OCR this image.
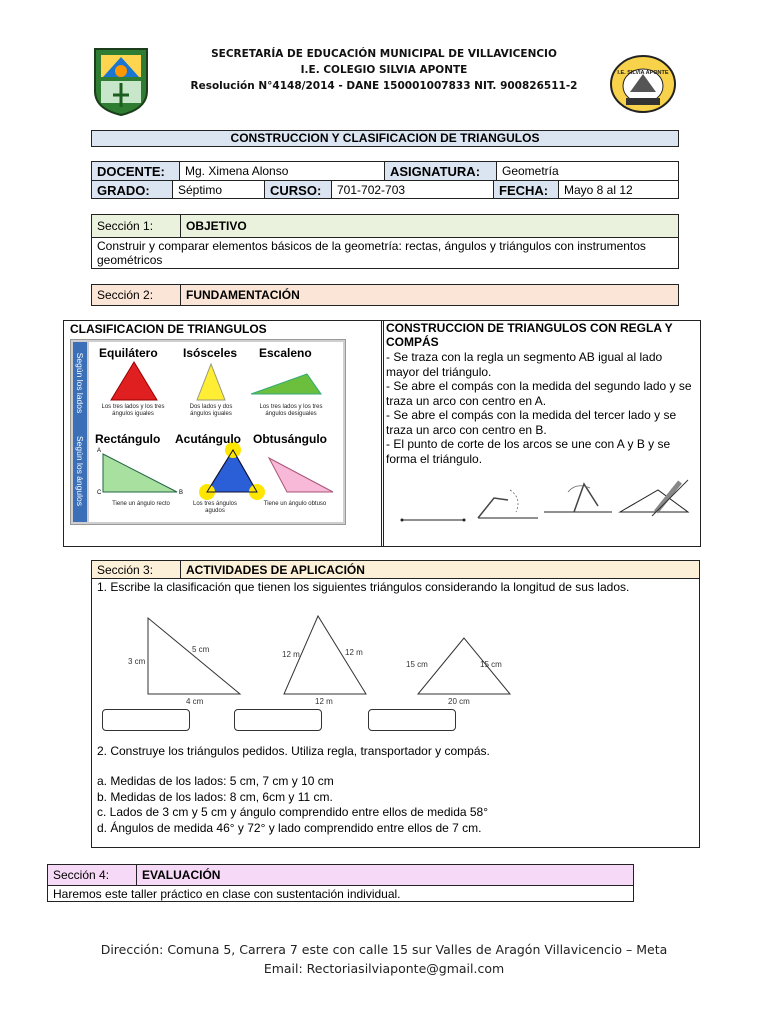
SECRETARÍA DE EDUCACIÓN MUNICIPAL DE VILLAVICENCIO
I.E. COLEGIO SILVIA APONTE
Resolución N°4148/2014 - DANE 150001007833 NIT. 900826511-2
I.E. SILVIA APONTE
CONSTRUCCION Y CLASIFICACION DE TRIANGULOS
DOCENTE:	Mg. Ximena Alonso	ASIGNATURA:	Geometría
GRADO:	Séptimo	CURSO:	701-702-703	FECHA:	Mayo 8 al 12
Sección 1:	OBJETIVO
Construir y comparar elementos básicos de la geometría: rectas, ángulos y triángulos con instrumentos geométricos
Sección 2:	FUNDAMENTACIÓN
CLASIFICACION DE TRIANGULOS
Según los lados
Según los ángulos
Equilátero Isósceles Escaleno
Los tres lados y los tres ángulos iguales
Dos lados y dos ángulos iguales
Los tres lados y los tres ángulos desiguales
Rectángulo Acutángulo Obtusángulo
A
C	B
Tiene un ángulo recto	Los tres ángulos agudos
Tiene un ángulo obtuso
CONSTRUCCION DE TRIANGULOS CON REGLA Y COMPÁS
- Se traza con la regla un segmento AB igual al lado mayor del triángulo.
- Se abre el compás con la medida del segundo lado y se traza un arco con centro en A.
- Se abre el compás con la medida del tercer lado y se traza un arco con centro en B.
- El punto de corte de los arcos se une con A y B y se forma el triángulo.
Sección 3:	ACTIVIDADES DE APLICACIÓN
1. Escribe la clasificación que tienen los siguientes triángulos considerando la longitud de sus lados.
3 cm
5 cm
4 cm
12 m	12 m
12 m
15 cm	15 cm
20 cm
2. Construye los triángulos pedidos. Utiliza regla, transportador y compás.
a. Medidas de los lados: 5 cm, 7 cm y 10 cm
b. Medidas de los lados: 8 cm, 6cm y 11 cm.
c. Lados de 3 cm y 5 cm y ángulo comprendido entre ellos de medida 58°
d. Ángulos de medida 46° y 72° y lado comprendido entre ellos de 7 cm.
Sección 4:	EVALUACIÓN
Haremos este taller práctico en clase con sustentación individual.
Dirección: Comuna 5, Carrera 7 este con calle 15 sur Valles de Aragón Villavicencio – Meta
Email: Rectoriasilviaponte@gmail.com
